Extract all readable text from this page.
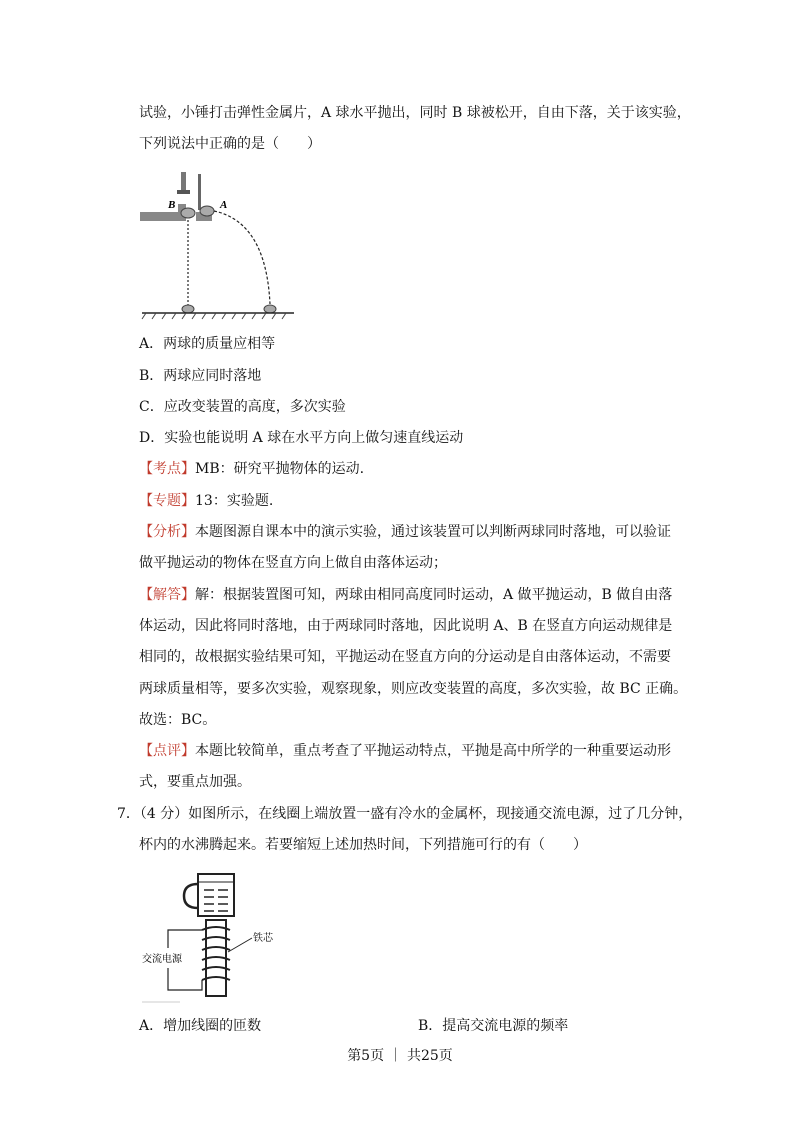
试验，小锤打击弹性金属片，A 球水平抛出，同时 B 球被松开，自由下落，关于该实验，
下列说法中正确的是（　　）
B	A
A．两球的质量应相等
B．两球应同时落地
C．应改变装置的高度，多次实验
D．实验也能说明 A 球在水平方向上做匀速直线运动
【考点】MB：研究平抛物体的运动.
【专题】13：实验题.
【分析】本题图源自课本中的演示实验，通过该装置可以判断两球同时落地，可以验证
做平抛运动的物体在竖直方向上做自由落体运动；
【解答】解：根据装置图可知，两球由相同高度同时运动，A 做平抛运动，B 做自由落
体运动，因此将同时落地，由于两球同时落地，因此说明 A、B 在竖直方向运动规律是
相同的，故根据实验结果可知，平抛运动在竖直方向的分运动是自由落体运动，不需要
两球质量相等，要多次实验，观察现象，则应改变装置的高度，多次实验，故 BC 正确。
故选：BC。
【点评】本题比较简单，重点考查了平抛运动特点，平抛是高中所学的一种重要运动形
式，要重点加强。
7．（4 分）如图所示，在线圈上端放置一盛有冷水的金属杯，现接通交流电源，过了几分钟，
杯内的水沸腾起来。若要缩短上述加热时间，下列措施可行的有（　　）
铁芯
交流电源
A．增加线圈的匝数	B．提高交流电源的频率
第5页 ｜ 共25页
